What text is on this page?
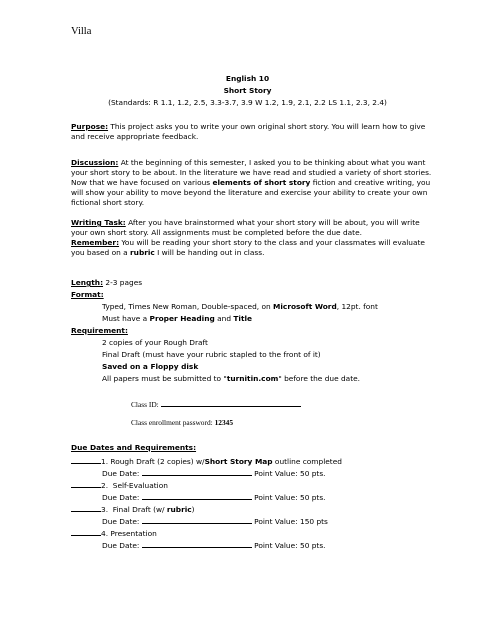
Villa
English 10
Short Story
(Standards: R 1.1, 1.2, 2.5, 3.3-3.7, 3.9 W 1.2, 1.9, 2.1, 2.2 LS 1.1, 2.3, 2.4)
Purpose: This project asks you to write your own original short story. You will learn how to give and receive appropriate feedback.
Discussion: At the beginning of this semester, I asked you to be thinking about what you want your short story to be about. In the literature we have read and studied a variety of short stories. Now that we have focused on various elements of short story fiction and creative writing, you will show your ability to move beyond the literature and exercise your ability to create your own fictional short story.
Writing Task: After you have brainstormed what your short story will be about, you will write your own short story. All assignments must be completed before the due date.
Remember: You will be reading your short story to the class and your classmates will evaluate you based on a rubric I will be handing out in class.
Length: 2-3 pages
Format:
Typed, Times New Roman, Double-spaced, on Microsoft Word, 12pt. font
Must have a Proper Heading and Title
Requirement:
2 copies of your Rough Draft
Final Draft (must have your rubric stapled to the front of it)
Saved on a Floppy disk
All papers must be submitted to "turnitin.com" before the due date.
Class ID:
Class enrollment password: 12345
Due Dates and Requirements:
1. Rough Draft (2 copies) w/Short Story Map outline completed
Due Date:	Point Value: 50 pts.
2.  Self-Evaluation
Due Date:	Point Value: 50 pts.
3.  Final Draft (w/ rubric)
Due Date:	Point Value: 150 pts
4. Presentation
Due Date:	Point Value: 50 pts.
